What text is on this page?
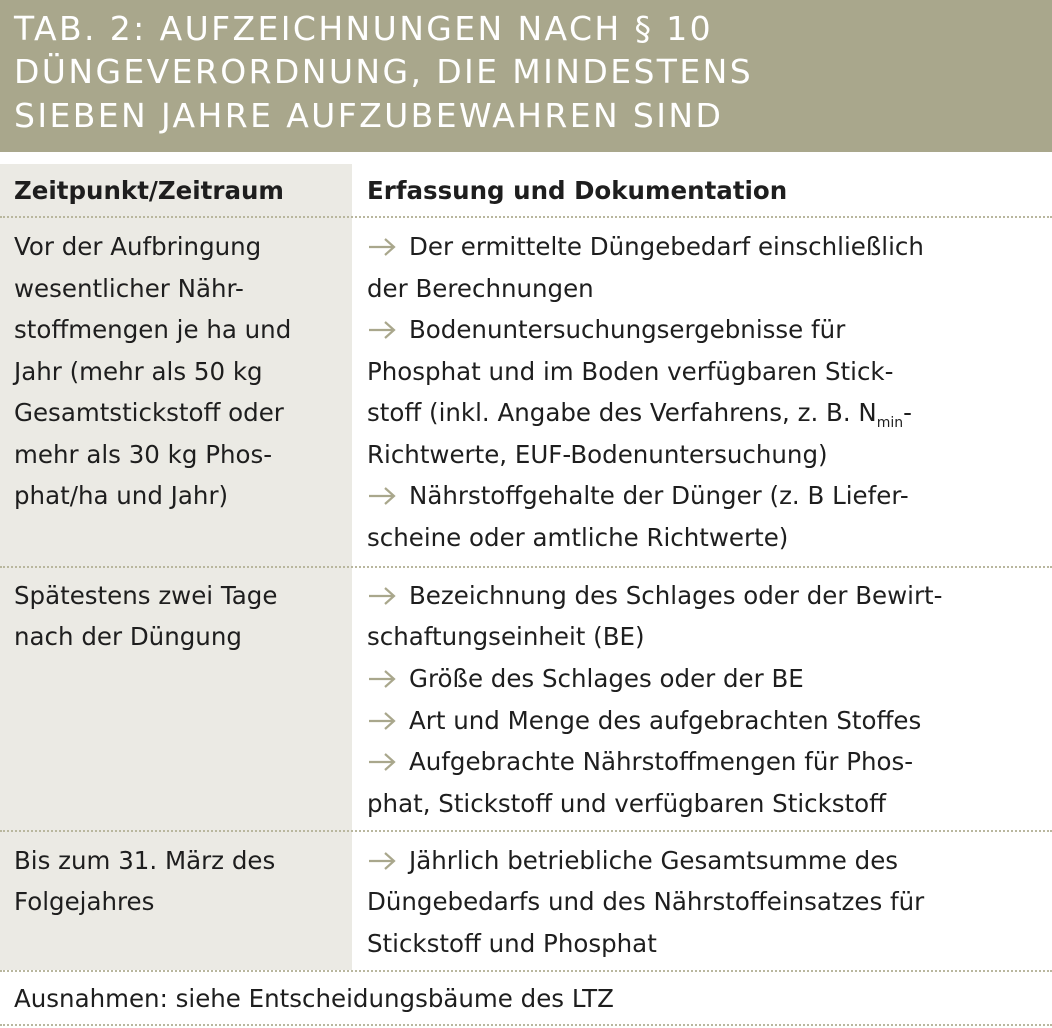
TAB. 2: AUFZEICHNUNGEN NACH § 10
DÜNGEVERORDNUNG, DIE MINDESTENS
SIEBEN JAHRE AUFZUBEWAHREN SIND
Zeitpunkt/Zeitraum	Erfassung und Dokumentation
Vor der Aufbringung
wesentlicher Nähr-
stoffmengen je ha und
Jahr (mehr als 50 kg
Gesamtstickstoff oder
mehr als 30 kg Phos-
phat/ha und Jahr)
Der ermittelte Düngebedarf einschließlich
der Berechnungen
Bodenuntersuchungsergebnisse für
Phosphat und im Boden verfügbaren Stick-
stoff (inkl. Angabe des Verfahrens, z. B. $N_{min}-$
Richtwerte, EUF-Bodenuntersuchung)
Nährstoffgehalte der Dünger (z. B Liefer-
scheine oder amtliche Richtwerte)
Spätestens zwei Tage
nach der Düngung
Bezeichnung des Schlages oder der Bewirt-
schaftungseinheit (BE)
Größe des Schlages oder der BE
Art und Menge des aufgebrachten Stoffes
Aufgebrachte Nährstoffmengen für Phos-
phat, Stickstoff und verfügbaren Stickstoff
Bis zum 31. März des
Folgejahres
Jährlich betriebliche Gesamtsumme des
Düngebedarfs und des Nährstoffeinsatzes für
Stickstoff und Phosphat
Ausnahmen: siehe Entscheidungsbäume des LTZ
